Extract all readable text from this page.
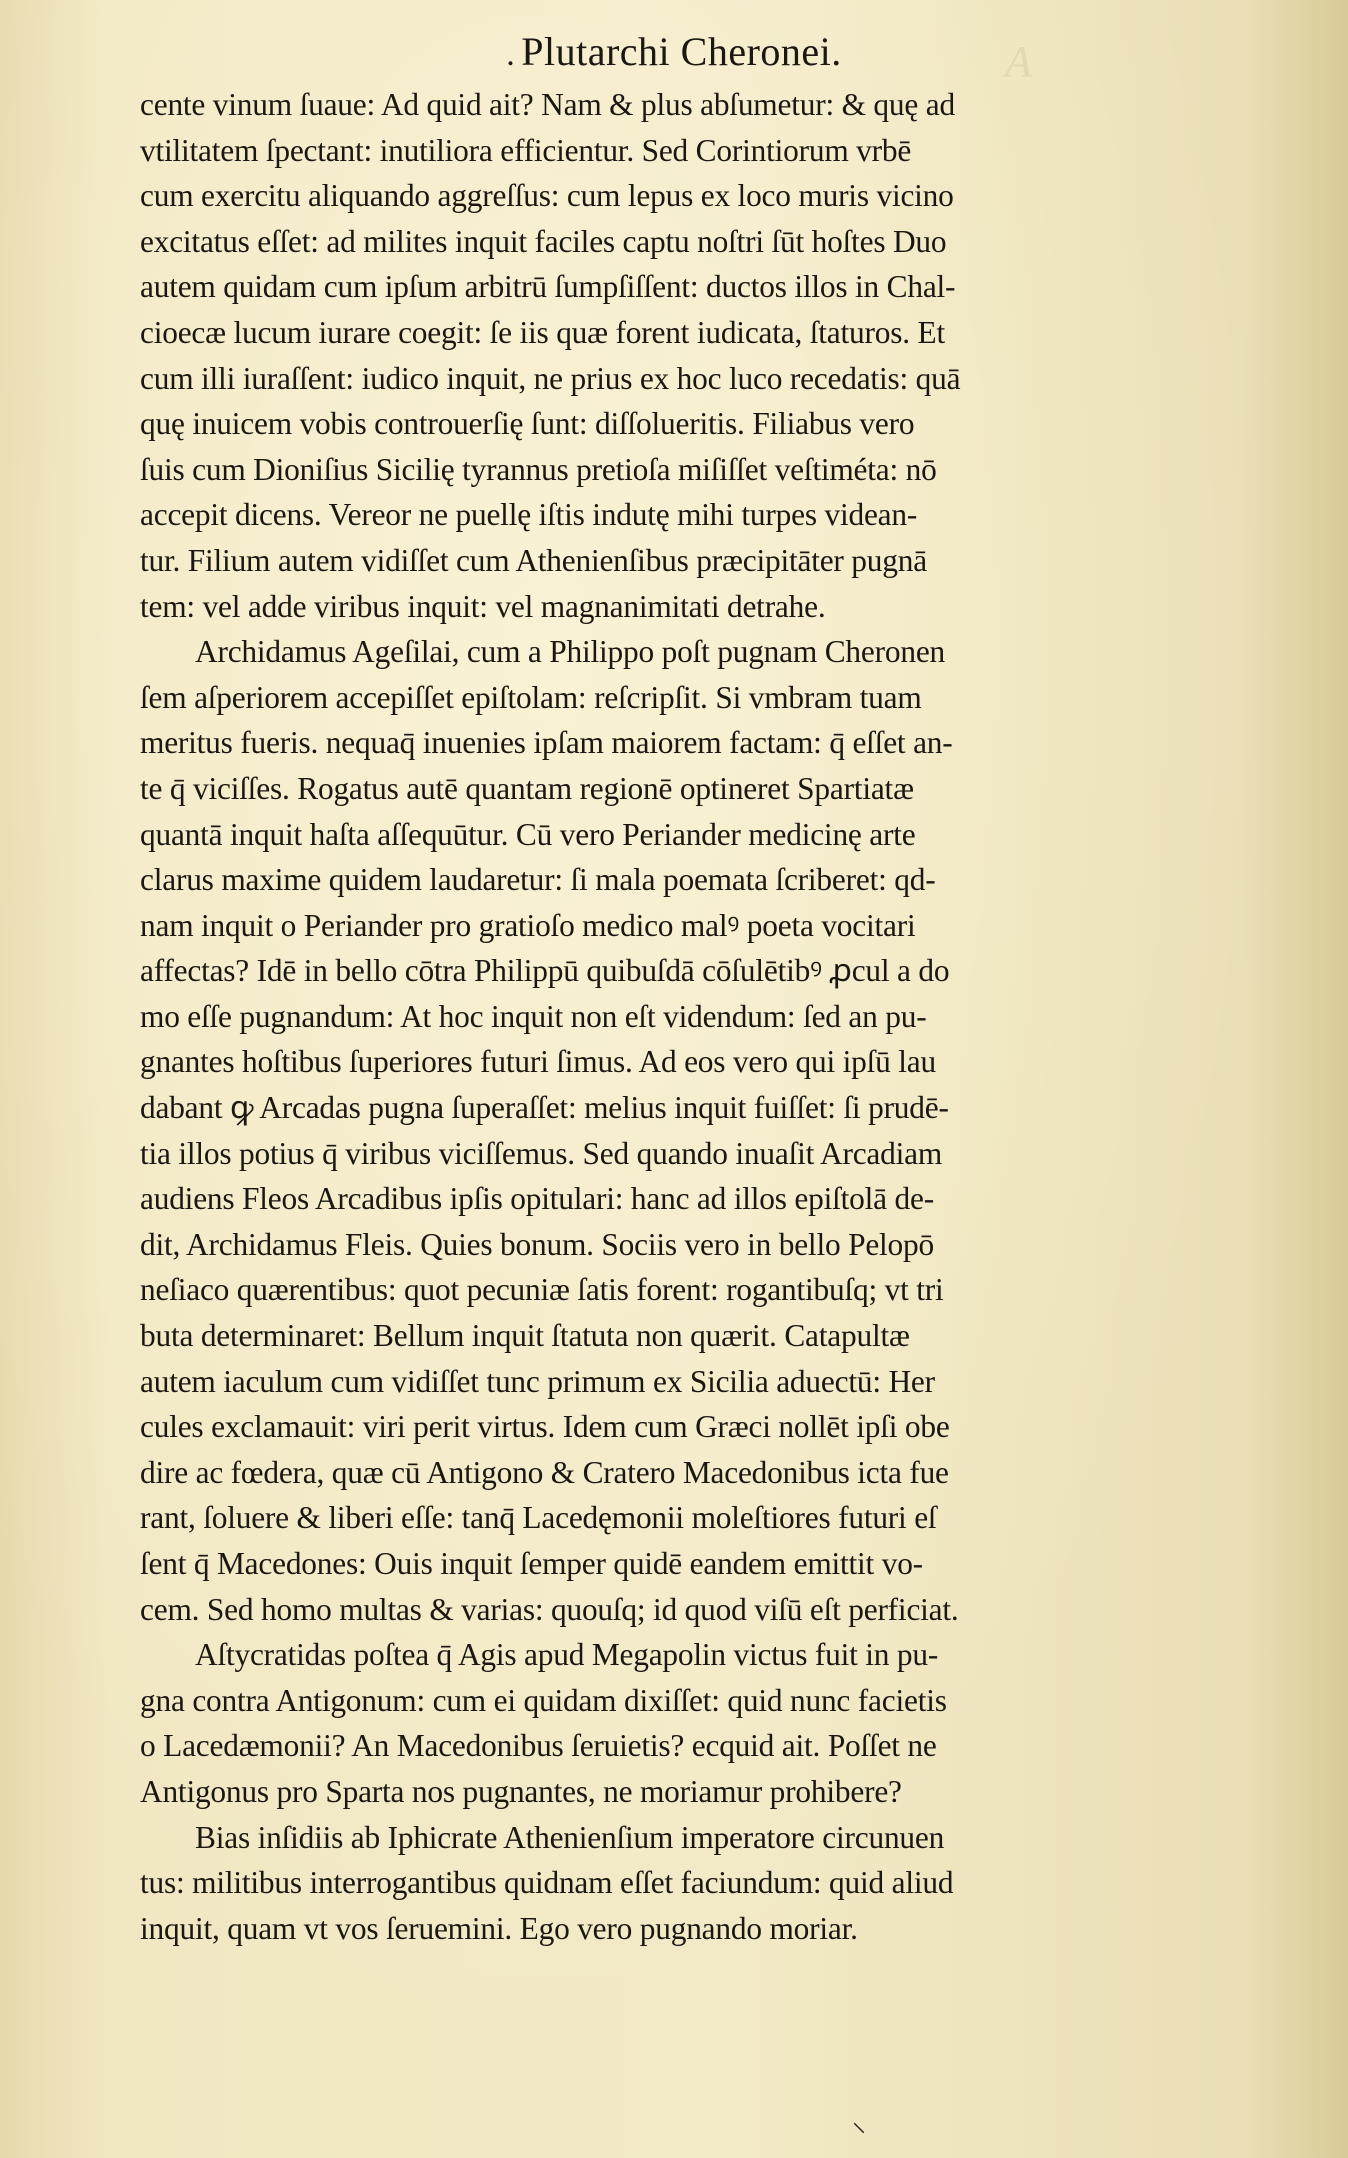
A
. Plutarchi Cheronei.
cente vinum ſuaue: Ad quid ait? Nam & plus abſumetur: & quę ad
vtilitatem ſpectant: inutiliora efficientur. Sed Corintiorum vrbē
cum exercitu aliquando aggreſſus: cum lepus ex loco muris vicino
excitatus eſſet: ad milites inquit faciles captu noſtri ſūt hoſtes Duo
autem quidam cum ipſum arbitrū ſumpſiſſent: ductos illos in Chal-
cioecæ lucum iurare coegit: ſe iis quæ forent iudicata, ſtaturos. Et
cum illi iuraſſent: iudico inquit, ne prius ex hoc luco recedatis: quā
quę inuicem vobis controuerſię ſunt: diſſolueritis. Filiabus vero
ſuis cum Dioniſius Sicilię tyrannus pretioſa miſiſſet veſtiméta: nō
accepit dicens. Vereor ne puellę iſtis indutę mihi turpes videan-
tur. Filium autem vidiſſet cum Athenienſibus præcipitāter pugnā
tem: vel adde viribus inquit: vel magnanimitati detrahe.
Archidamus Ageſilai, cum a Philippo poſt pugnam Cheronen
ſem aſperiorem accepiſſet epiſtolam: reſcripſit. Si vmbram tuam
meritus fueris. nequaq̄ inuenies ipſam maiorem factam: q̄ eſſet an-
te q̄ viciſſes. Rogatus autē quantam regionē optineret Spartiatæ
quantā inquit haſta aſſequūtur. Cū vero Periander medicinę arte
clarus maxime quidem laudaretur: ſi mala poemata ſcriberet: qd-
nam inquit o Periander pro gratioſo medico malꝰ poeta vocitari
affectas? Idē in bello cōtra Philippū quibuſdā cōſulētibꝰ ꝓcul a do
mo eſſe pugnandum: At hoc inquit non eſt videndum: ſed an pu-
gnantes hoſtibus ſuperiores futuri ſimus. Ad eos vero qui ipſū lau
dabant ꝙ Arcadas pugna ſuperaſſet: melius inquit fuiſſet: ſi prudē-
tia illos potius q̄ viribus viciſſemus. Sed quando inuaſit Arcadiam
audiens Fleos Arcadibus ipſis opitulari: hanc ad illos epiſtolā de-
dit, Archidamus Fleis. Quies bonum. Sociis vero in bello Pelopō
neſiaco quærentibus: quot pecuniæ ſatis forent: rogantibuſq; vt tri
buta determinaret: Bellum inquit ſtatuta non quærit. Catapultæ
autem iaculum cum vidiſſet tunc primum ex Sicilia aduectū: Her
cules exclamauit: viri perit virtus. Idem cum Græci nollēt ipſi obe
dire ac fœdera, quæ cū Antigono & Cratero Macedonibus icta fue
rant, ſoluere & liberi eſſe: tanq̄ Lacedęmonii moleſtiores futuri eſ
ſent q̄ Macedones: Ouis inquit ſemper quidē eandem emittit vo-
cem. Sed homo multas & varias: quouſq; id quod viſū eſt perficiat.
Aſtycratidas poſtea q̄ Agis apud Megapolin victus fuit in pu-
gna contra Antigonum: cum ei quidam dixiſſet: quid nunc facietis
o Lacedæmonii? An Macedonibus ſeruietis? ecquid ait. Poſſet ne
Antigonus pro Sparta nos pugnantes, ne moriamur prohibere?
Bias inſidiis ab Iphicrate Athenienſium imperatore circunuen
tus: militibus interrogantibus quidnam eſſet faciundum: quid aliud
inquit, quam vt vos ſeruemini. Ego vero pugnando moriar.
⸜
